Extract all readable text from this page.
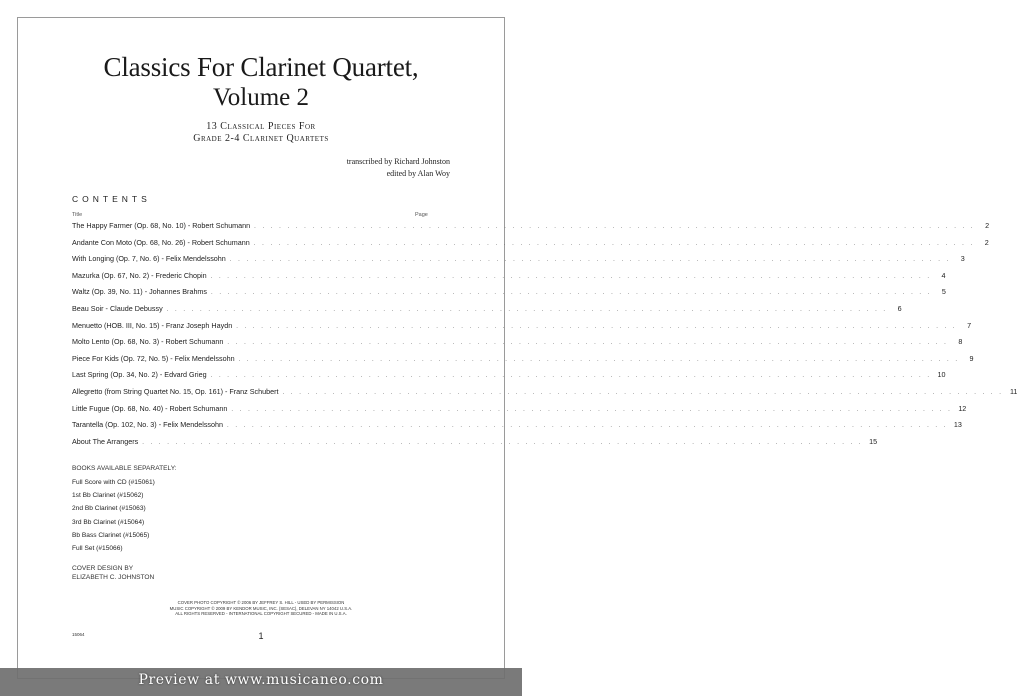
Classics For Clarinet Quartet,
Volume 2
13 Classical Pieces For
Grade 2-4 Clarinet Quartets
transcribed by Richard Johnston
edited by Alan Woy
CONTENTS
Title	Page
The Happy Farmer (Op. 68, No. 10) - Robert Schumann . . . . . . . . . . . . . . . . . . . . . . . . . . . . . . . . . . . . . . . . . . . . . . . . . . . . . . . . . . . . . . . . . . . . . . . . . . . . . . . . . . . . . . .	2
Andante Con Moto (Op. 68, No. 26) - Robert Schumann . . . . . . . . . . . . . . . . . . . . . . . . . . . . . . . . . . . . . . . . . . . . . . . . . . . . . . . . . . . . . . . . . . . . . . . . . . . . . . . . . . . . . . .	2
With Longing (Op. 7, No. 6) - Felix Mendelssohn . . . . . . . . . . . . . . . . . . . . . . . . . . . . . . . . . . . . . . . . . . . . . . . . . . . . . . . . . . . . . . . . . . . . . . . . . . . . . . . . . . . . . . .	3
Mazurka (Op. 67, No. 2) - Frederic Chopin . . . . . . . . . . . . . . . . . . . . . . . . . . . . . . . . . . . . . . . . . . . . . . . . . . . . . . . . . . . . . . . . . . . . . . . . . . . . . . . . . . . . . . .	4
Waltz (Op. 39, No. 11) - Johannes Brahms . . . . . . . . . . . . . . . . . . . . . . . . . . . . . . . . . . . . . . . . . . . . . . . . . . . . . . . . . . . . . . . . . . . . . . . . . . . . . . . . . . . . . . .	5
Beau Soir - Claude Debussy . . . . . . . . . . . . . . . . . . . . . . . . . . . . . . . . . . . . . . . . . . . . . . . . . . . . . . . . . . . . . . . . . . . . . . . . . . . . . . . . . . . . . . .	6
Menuetto (HOB. III, No. 15) - Franz Joseph Haydn . . . . . . . . . . . . . . . . . . . . . . . . . . . . . . . . . . . . . . . . . . . . . . . . . . . . . . . . . . . . . . . . . . . . . . . . . . . . . . . . . . . . . . .	7
Molto Lento (Op. 68, No. 3) - Robert Schumann . . . . . . . . . . . . . . . . . . . . . . . . . . . . . . . . . . . . . . . . . . . . . . . . . . . . . . . . . . . . . . . . . . . . . . . . . . . . . . . . . . . . . . .	8
Piece For Kids (Op. 72, No. 5) - Felix Mendelssohn . . . . . . . . . . . . . . . . . . . . . . . . . . . . . . . . . . . . . . . . . . . . . . . . . . . . . . . . . . . . . . . . . . . . . . . . . . . . . . . . . . . . . . .	9
Last Spring (Op. 34, No. 2) - Edvard Grieg . . . . . . . . . . . . . . . . . . . . . . . . . . . . . . . . . . . . . . . . . . . . . . . . . . . . . . . . . . . . . . . . . . . . . . . . . . . . . . . . . . . . . . . 10
Allegretto (from String Quartet No. 15, Op. 161) - Franz Schubert . . . . . . . . . . . . . . . . . . . . . . . . . . . . . . . . . . . . . . . . . . . . . . . . . . . . . . . . . . . . . . . . . . . . . . . . . . . . . . . . . . . . . . . 11
Little Fugue (Op. 68, No. 40) - Robert Schumann . . . . . . . . . . . . . . . . . . . . . . . . . . . . . . . . . . . . . . . . . . . . . . . . . . . . . . . . . . . . . . . . . . . . . . . . . . . . . . . . . . . . . . . 12
Tarantella (Op. 102, No. 3) - Felix Mendelssohn . . . . . . . . . . . . . . . . . . . . . . . . . . . . . . . . . . . . . . . . . . . . . . . . . . . . . . . . . . . . . . . . . . . . . . . . . . . . . . . . . . . . . . . 13
About The Arrangers . . . . . . . . . . . . . . . . . . . . . . . . . . . . . . . . . . . . . . . . . . . . . . . . . . . . . . . . . . . . . . . . . . . . . . . . . . . . . . . . . . . . . . . 15
BOOKS AVAILABLE SEPARATELY:
Full Score with CD (#15061)
1st Bb Clarinet (#15062)
2nd Bb Clarinet (#15063)
3rd Bb Clarinet (#15064)
Bb Bass Clarinet (#15065)
Full Set (#15066)
COVER DESIGN BY
ELIZABETH C. JOHNSTON
COVER PHOTO COPYRIGHT © 2006 BY JEFFREY S. HILL - USED BY PERMISSION
MUSIC COPYRIGHT © 2009 BY KENDOR MUSIC, INC. (SESAC), DELEVAN NY 14042 U.S.A.
ALL RIGHTS RESERVED - INTERNATIONAL COPYRIGHT SECURED - MADE IN U.S.A.
15064	1
Preview at www.musicaneo.com
